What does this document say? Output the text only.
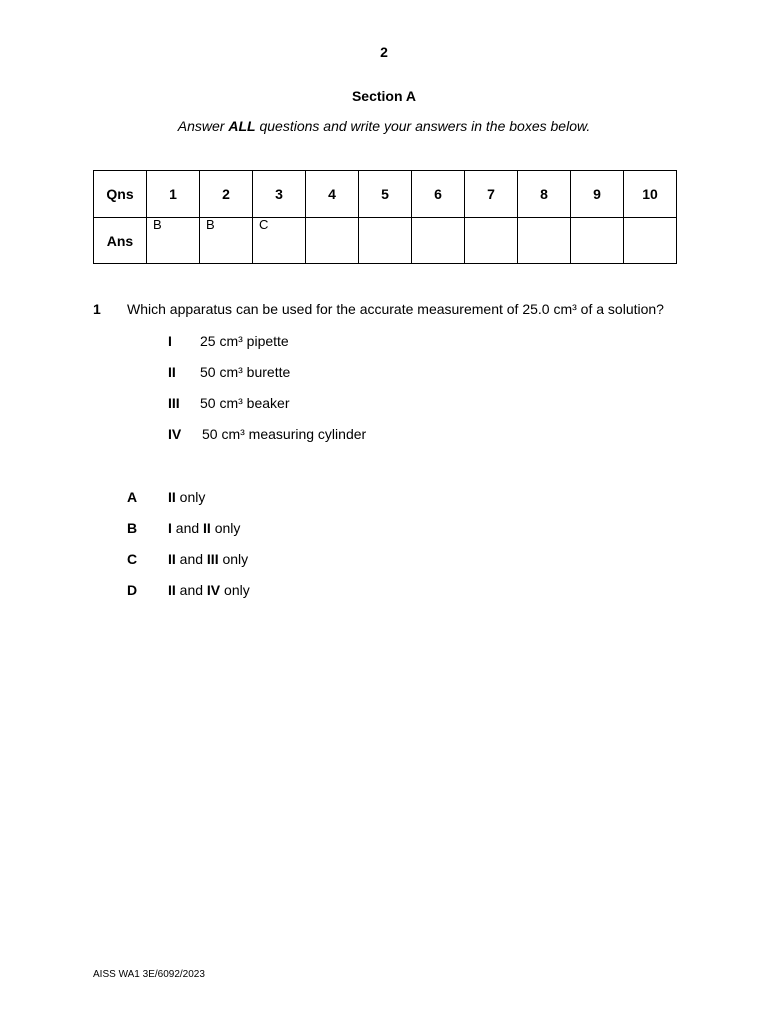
2
Section A
Answer ALL questions and write your answers in the boxes below.
Qns	1	2	3	4	5	6	7	8	9	10
Ans	B	B	C							

1 Which apparatus can be used for the accurate measurement of 25.0 cm³ of a solution?
I 25 cm³ pipette
II 50 cm³ burette
III 50 cm³ beaker
IV 50 cm³ measuring cylinder
A II only
B I and II only
C II and III only
D II and IV only
AISS WA1 3E/6092/2023
